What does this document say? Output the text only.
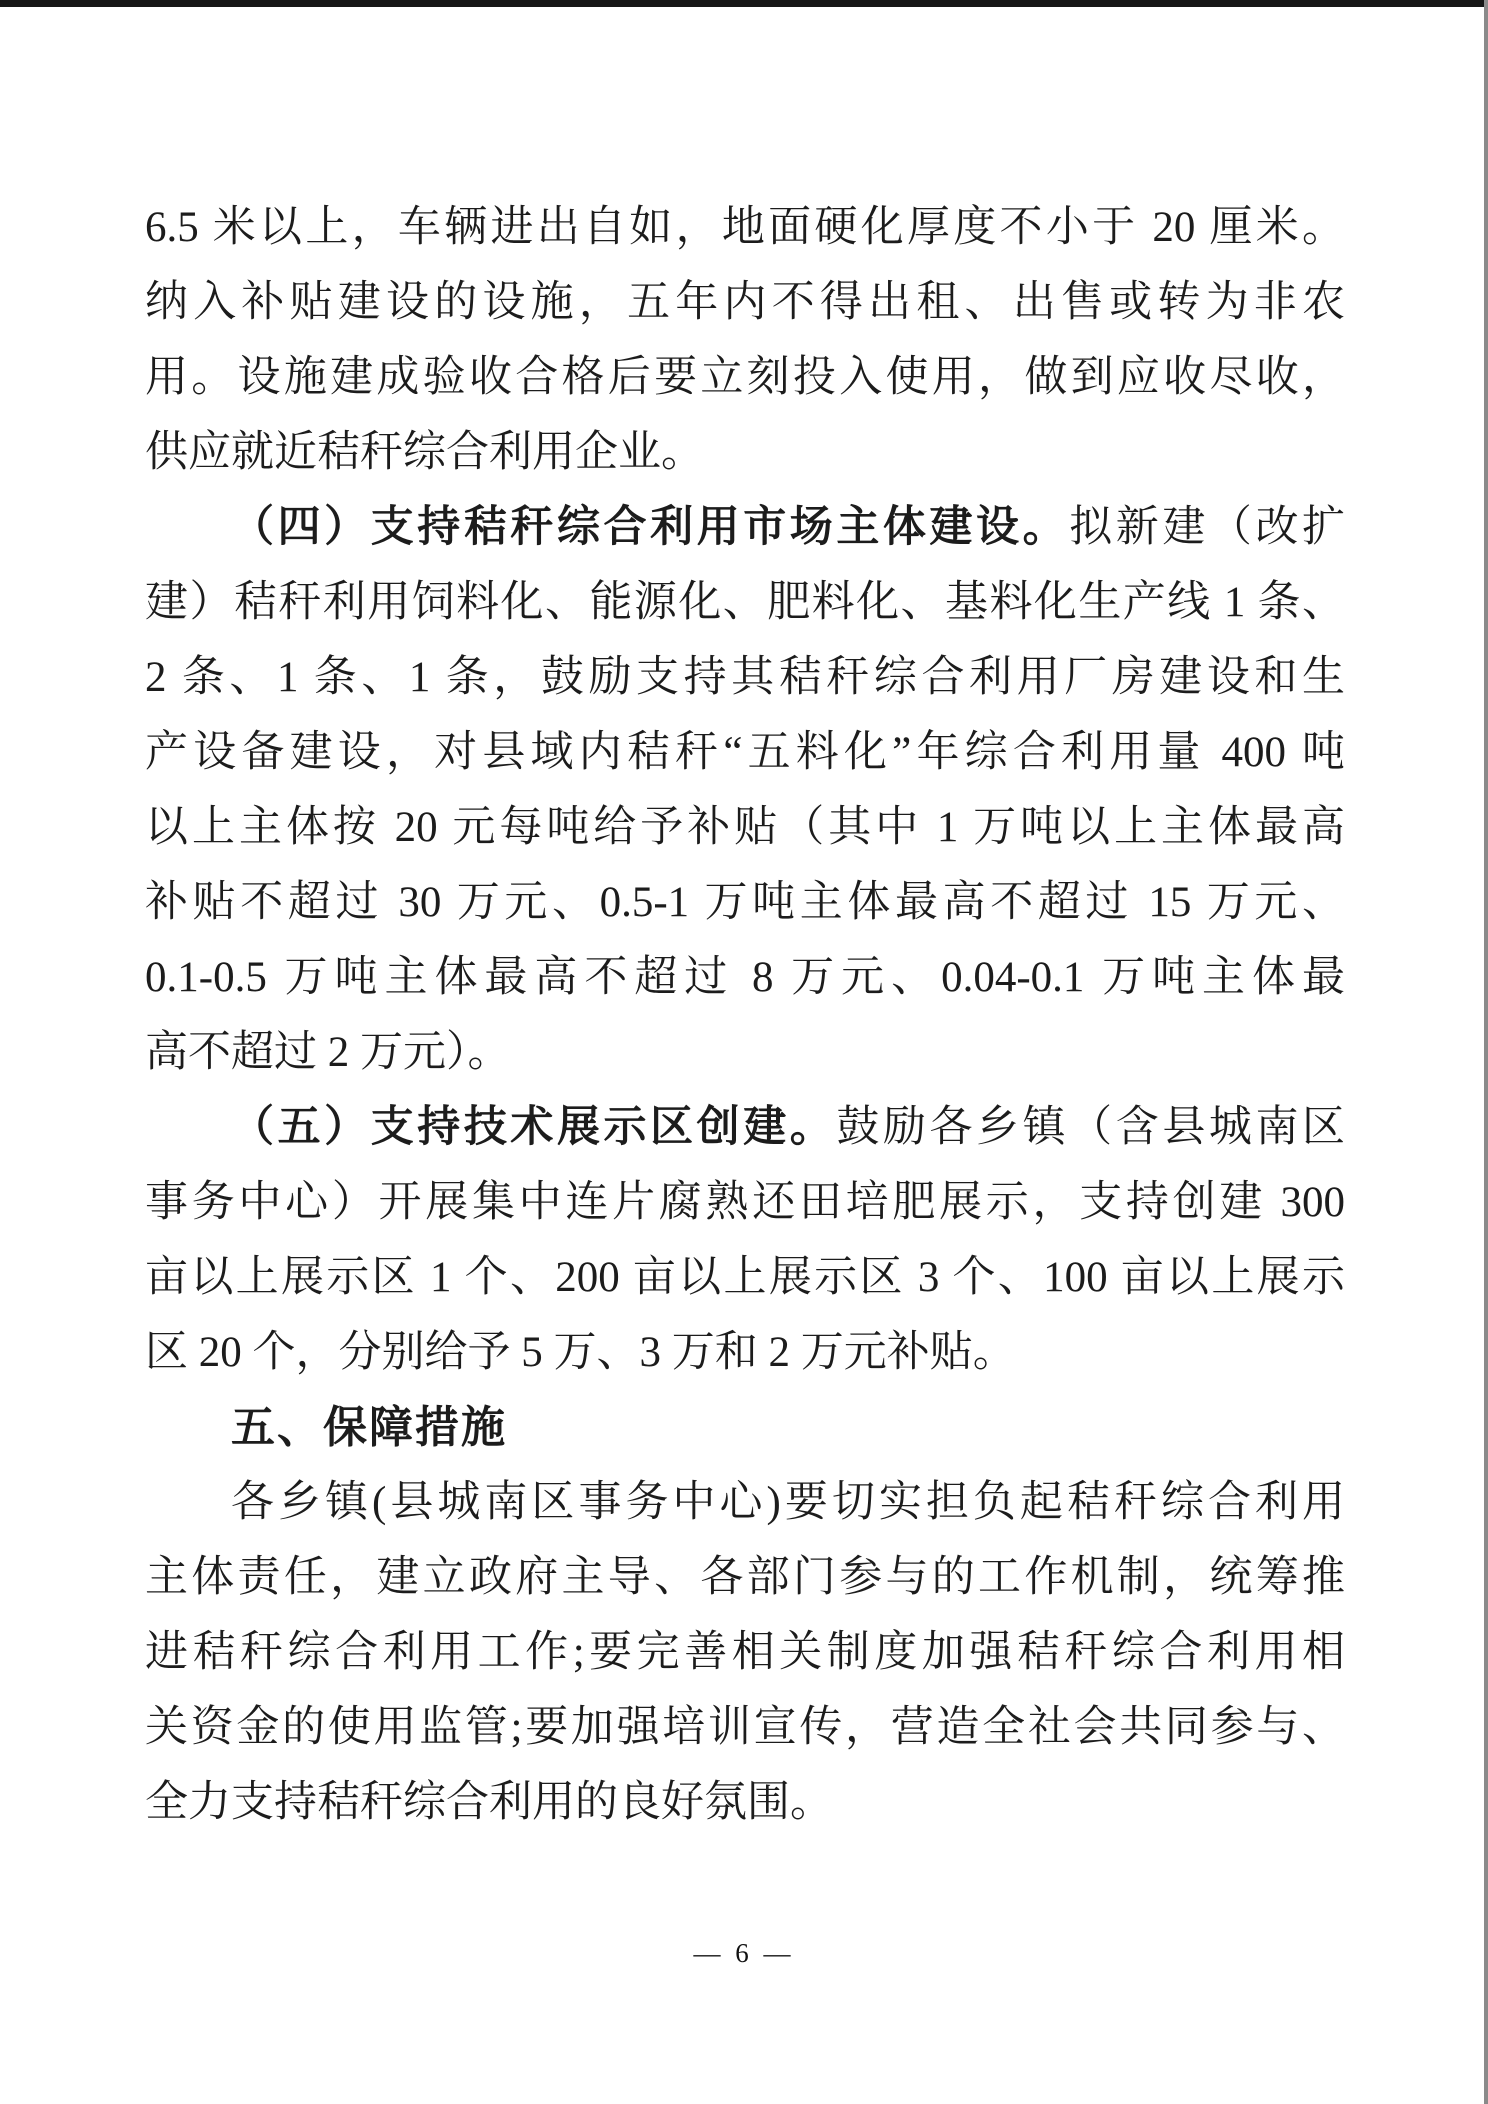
6.5 米以上，车辆进出自如，地面硬化厚度不小于 20 厘米。
纳入补贴建设的设施，五年内不得出租、出售或转为非农
用。设施建成验收合格后要立刻投入使用，做到应收尽收，
供应就近秸秆综合利用企业。
（四）支持秸秆综合利用市场主体建设。拟新建（改扩
建）秸秆利用饲料化、能源化、肥料化、基料化生产线 1 条、
2 条、1 条、1 条，鼓励支持其秸秆综合利用厂房建设和生
产设备建设，对县域内秸秆“五料化”年综合利用量 400 吨
以上主体按 20 元每吨给予补贴（其中 1 万吨以上主体最高
补贴不超过 30 万元、0.5-1 万吨主体最高不超过 15 万元、
0.1-0.5 万吨主体最高不超过 8 万元、0.04-0.1 万吨主体最
高不超过 2 万元）。
（五）支持技术展示区创建。鼓励各乡镇（含县城南区
事务中心）开展集中连片腐熟还田培肥展示，支持创建 300
亩以上展示区 1 个、200 亩以上展示区 3 个、100 亩以上展示
区 20 个，分别给予 5 万、3 万和 2 万元补贴。
五、保障措施
各乡镇(县城南区事务中心)要切实担负起秸秆综合利用
主体责任，建立政府主导、各部门参与的工作机制，统筹推
进秸秆综合利用工作;要完善相关制度加强秸秆综合利用相
关资金的使用监管;要加强培训宣传，营造全社会共同参与、
全力支持秸秆综合利用的良好氛围。
— 6 —
